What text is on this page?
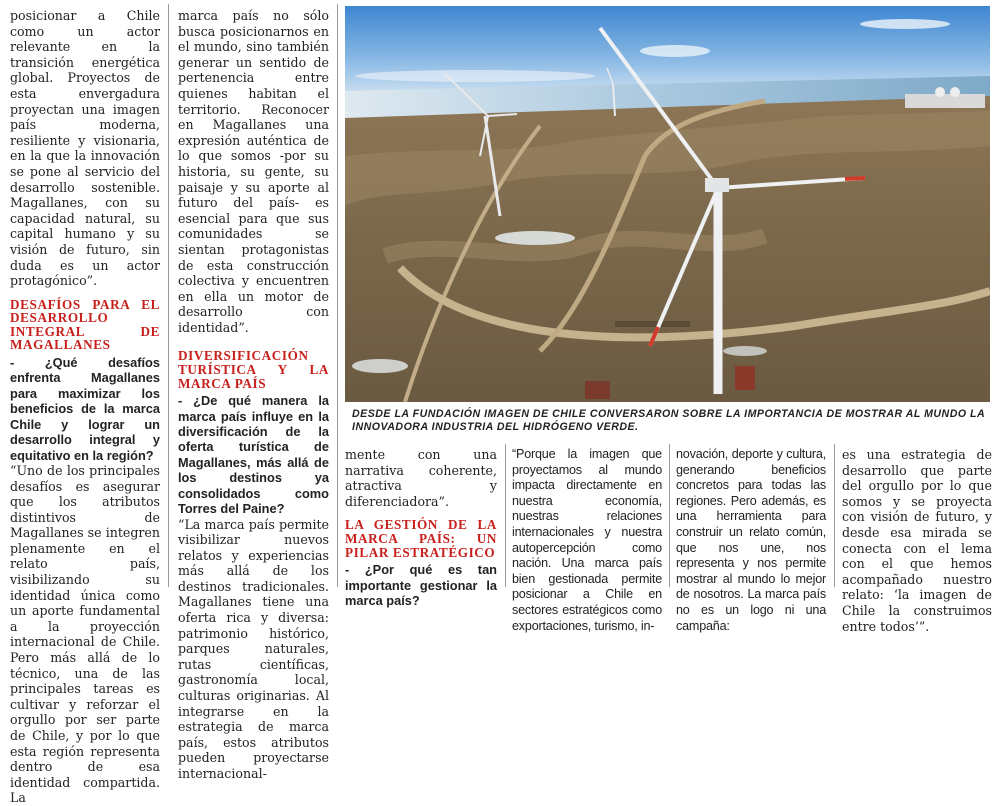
posicionar a Chile como un actor relevante en la transición energética global. Proyectos de esta envergadura proyectan una imagen país moderna, resiliente y visionaria, en la que la innovación se pone al servicio del desarrollo sostenible. Magallanes, con su capacidad natural, su capital humano y su visión de futuro, sin duda es un actor protagónico”.

DESAFÍOS PARA EL DESARROLLO INTEGRAL DE MAGALLANES

- ¿Qué desafíos enfrenta Magallanes para maximizar los beneficios de la marca Chile y lograr un desarrollo integral y equitativo en la región?

“Uno de los principales desafíos es asegurar que los atributos distintivos de Magallanes se integren plenamente en el relato país, visibilizando su identidad única como un aporte fundamental a la proyección internacional de Chile. Pero más allá de lo técnico, una de las principales tareas es cultivar y reforzar el orgullo por ser parte de Chile, y por lo que esta región representa dentro de esa identidad compartida. La

marca país no sólo busca posicionarnos en el mundo, sino también generar un sentido de pertenencia entre quienes habitan el territorio. Reconocer en Magallanes una expresión auténtica de lo que somos -por su historia, su gente, su paisaje y su aporte al futuro del país- es esencial para que sus comunidades se sientan protagonistas de esta construcción colectiva y encuentren en ella un motor de desarrollo con identidad”.

DIVERSIFICACIÓN TURÍSTICA Y LA MARCA PAÍS

- ¿De qué manera la marca país influye en la diversificación de la oferta turística de Magallanes, más allá de los destinos ya consolidados como Torres del Paine?

“La marca país permite visibilizar nuevos relatos y experiencias más allá de los destinos tradicionales. Magallanes tiene una oferta rica y diversa: patrimonio histórico, parques naturales, rutas científicas, gastronomía local, culturas originarias. Al integrarse en la estrategia de marca país, estos atributos pueden proyectarse internacional-

DESDE LA FUNDACIÓN IMAGEN DE CHILE CONVERSARON SOBRE LA IMPORTANCIA DE MOSTRAR AL MUNDO LA INNOVADORA INDUSTRIA DEL HIDRÓGENO VERDE.

mente con una narrativa coherente, atractiva y diferenciadora”.

LA GESTIÓN DE LA MARCA PAÍS: UN PILAR ESTRATÉGICO

- ¿Por qué es tan importante gestionar la marca país?

“Porque la imagen que proyectamos al mundo impacta directamente en nuestra economía, nuestras relaciones internacionales y nuestra autopercepción como nación. Una marca país bien gestionada permite posicionar a Chile en sectores estratégicos como exportaciones, turismo, in-

novación, deporte y cultura, generando beneficios concretos para todas las regiones. Pero además, es una herramienta para construir un relato común, que nos une, nos representa y nos permite mostrar al mundo lo mejor de nosotros. La marca país no es un logo ni una campaña:

es una estrategia de desarrollo que parte del orgullo por lo que somos y se proyecta con visión de futuro, y desde esa mirada se conecta con el lema con el que hemos acompañado nuestro relato: ‘la imagen de Chile la construimos entre todos’”.
